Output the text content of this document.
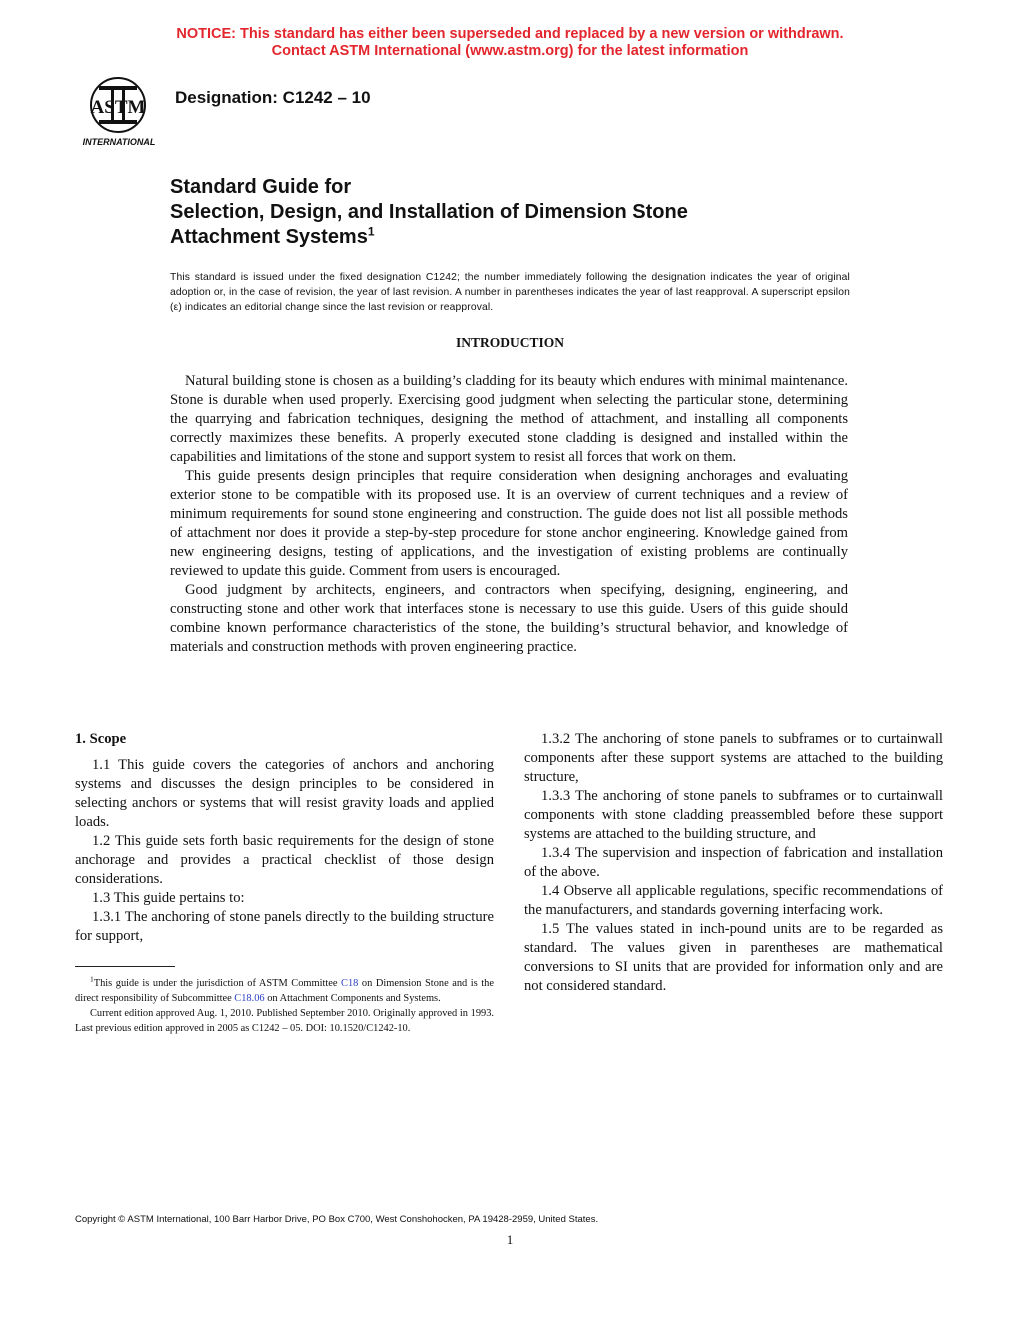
NOTICE: This standard has either been superseded and replaced by a new version or withdrawn.
Contact ASTM International (www.astm.org) for the latest information
ASTM
INTERNATIONAL
Designation: C1242 – 10
Standard Guide for
Selection, Design, and Installation of Dimension Stone
Attachment Systems$^1$
This standard is issued under the fixed designation C1242; the number immediately following the designation indicates the year of original adoption or, in the case of revision, the year of last revision. A number in parentheses indicates the year of last reapproval. A superscript epsilon (ε) indicates an editorial change since the last revision or reapproval.
INTRODUCTION

Natural building stone is chosen as a building’s cladding for its beauty which endures with minimal maintenance. Stone is durable when used properly. Exercising good judgment when selecting the particular stone, determining the quarrying and fabrication techniques, designing the method of attachment, and installing all components correctly maximizes these benefits. A properly executed stone cladding is designed and installed within the capabilities and limitations of the stone and support system to resist all forces that work on them.

This guide presents design principles that require consideration when designing anchorages and evaluating exterior stone to be compatible with its proposed use. It is an overview of current techniques and a review of minimum requirements for sound stone engineering and construction. The guide does not list all possible methods of attachment nor does it provide a step-by-step procedure for stone anchor engineering. Knowledge gained from new engineering designs, testing of applications, and the investigation of existing problems are continually reviewed to update this guide. Comment from users is encouraged.

Good judgment by architects, engineers, and contractors when specifying, designing, engineering, and constructing stone and other work that interfaces stone is necessary to use this guide. Users of this guide should combine known performance characteristics of the stone, the building’s structural behavior, and knowledge of materials and construction methods with proven engineering practice.

1. Scope

1.1 This guide covers the categories of anchors and anchoring systems and discusses the design principles to be considered in selecting anchors or systems that will resist gravity loads and applied loads.

1.2 This guide sets forth basic requirements for the design of stone anchorage and provides a practical checklist of those design considerations.

1.3 This guide pertains to:

1.3.1 The anchoring of stone panels directly to the building structure for support,

1.3.2 The anchoring of stone panels to subframes or to curtainwall components after these support systems are attached to the building structure,

1.3.3 The anchoring of stone panels to subframes or to curtainwall components with stone cladding preassembled before these support systems are attached to the building structure, and

1.3.4 The supervision and inspection of fabrication and installation of the above.

1.4 Observe all applicable regulations, specific recommendations of the manufacturers, and standards governing interfacing work.

1.5 The values stated in inch-pound units are to be regarded as standard. The values given in parentheses are mathematical conversions to SI units that are provided for information only and are not considered standard.

$^1$This guide is under the jurisdiction of ASTM Committee C18 on Dimension Stone and is the direct responsibility of Subcommittee C18.06 on Attachment Components and Systems.

Current edition approved Aug. 1, 2010. Published September 2010. Originally approved in 1993. Last previous edition approved in 2005 as C1242 – 05. DOI: 10.1520/C1242-10.

Copyright © ASTM International, 100 Barr Harbor Drive, PO Box C700, West Conshohocken, PA 19428-2959, United States.
1
